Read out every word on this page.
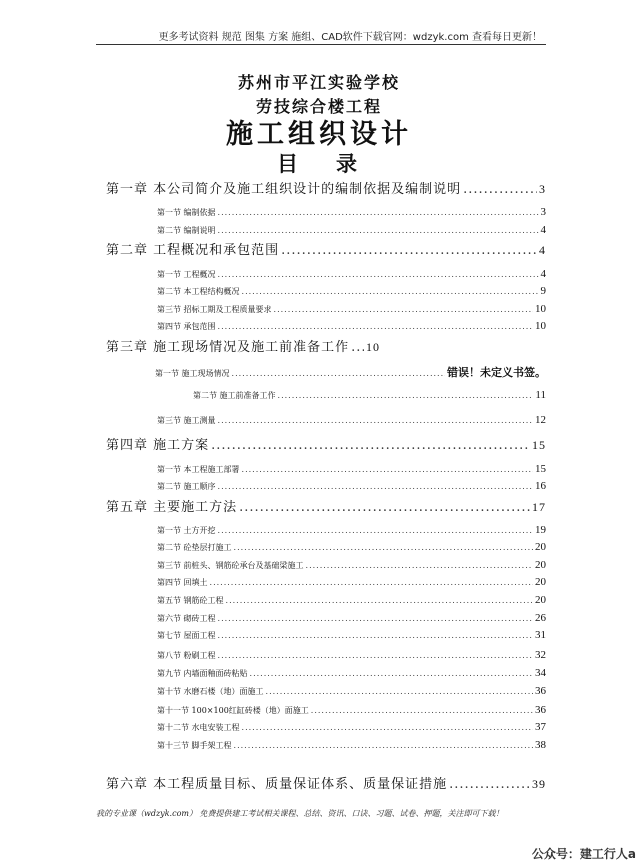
更多考试资料 规范 图集 方案 施组、CAD软件下载官网：wdzyk.com 查看每日更新！
苏州市平江实验学校
劳技综合楼工程
施工组织设计
目录
第一章 本公司简介及施工组织设计的编制依据及编制说明 .....	3
第一节 编制依据 .....	3
第二节 编制说明 .....	4
第二章 工程概况和承包范围 .....	4
第一节 工程概况 .....	4
第二节 本工程结构概况 .....	9
第三节 招标工期及工程质量要求 .....	10
第四节 承包范围 .....	10
第三章 施工现场情况及施工前准备工作 ..... 10
第一节 施工现场情况 .....	错误！未定义书签。
第二节 施工前准备工作 .....	11
第三节 施工测量 .....	12
第四章 施工方案 .....	15
第一节 本工程施工部署 .....	15
第二节 施工顺序 .....	16
第五章 主要施工方法 .....	17
第一节 土方开挖 .....	19
第二节 砼垫层打施工 .....	20
第三节 前桩头、钢筋砼承台及基础梁施工 .....	20
第四节 回填土 .....	20
第五节 钢筋砼工程 .....	20
第六节 砌砖工程 .....	26
第七节 屋面工程 .....	31
第八节 粉刷工程 .....	32
第九节 内墙面釉面砖粘贴 .....	34
第十节 水磨石楼（地）面施工 .....	36
第十一节 100×100红缸砖楼（地）面施工 .....	36
第十二节 水电安装工程 .....	37
第十三节 脚手架工程 .....	38
第六章 本工程质量目标、质量保证体系、质量保证措施 .....	39
我的专业课（wdzyk.com） 免费提供建工考试相关课程、总结、资讯、口诀、习题、试卷、押题，关注即可下载！
公众号：建工行人a
